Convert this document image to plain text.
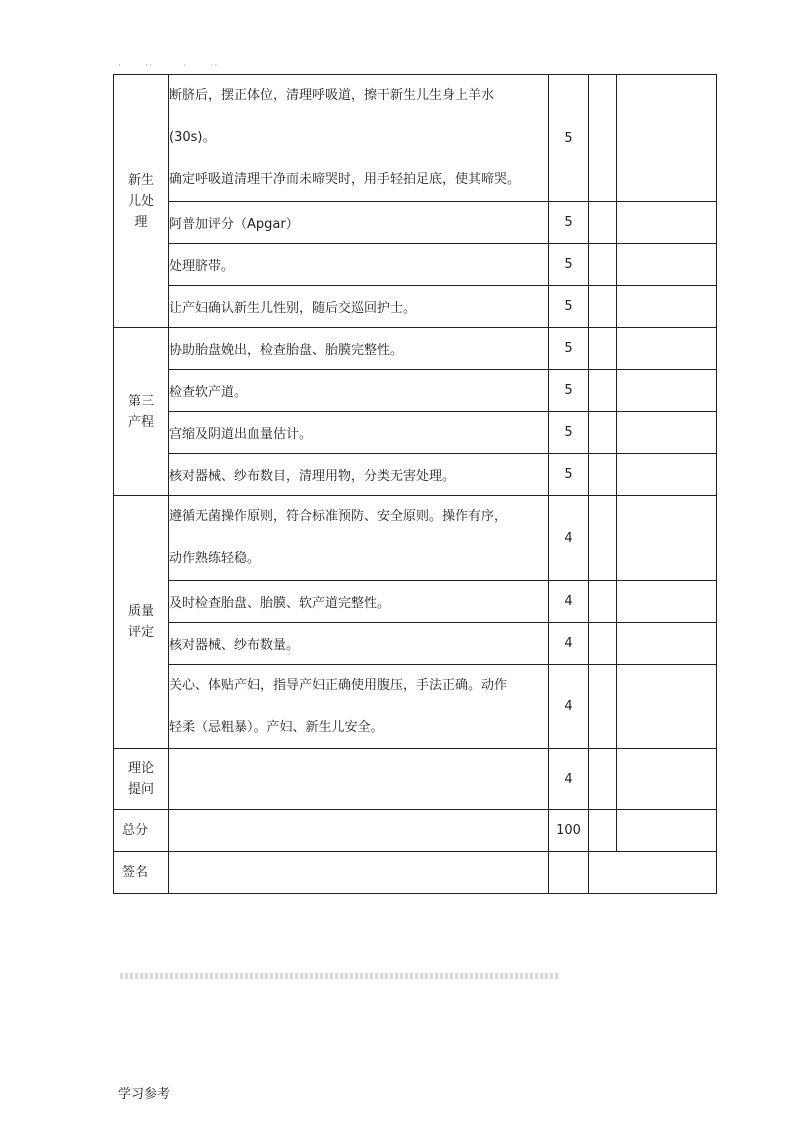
·      ··        ·      ··
新生
儿处
理	断脐后，摆正体位，清理呼吸道，擦干新生儿生身上羊水
(30s)。
确定呼吸道清理干净而未啼哭时，用手轻拍足底，使其啼哭。	5		

	阿普加评分（Apgar）	5		

	处理脐带。	5		

	让产妇确认新生儿性别，随后交巡回护士。	5		

第三
产程	协助胎盘娩出，检查胎盘、胎膜完整性。	5		

	检查软产道。	5		

	宫缩及阴道出血量估计。	5		

	核对器械、纱布数目，清理用物，分类无害处理。	5		

质量
评定	遵循无菌操作原则，符合标准预防、安全原则。操作有序，
动作熟练轻稳。	4		

	及时检查胎盘、胎膜、软产道完整性。	4		

	核对器械、纱布数量。	4		

	关心、体贴产妇，指导产妇正确使用腹压，手法正确。动作
轻柔（忌粗暴）。产妇、新生儿安全。	4		

理论
提问		4		
总分		100		
签名				
学习参考
